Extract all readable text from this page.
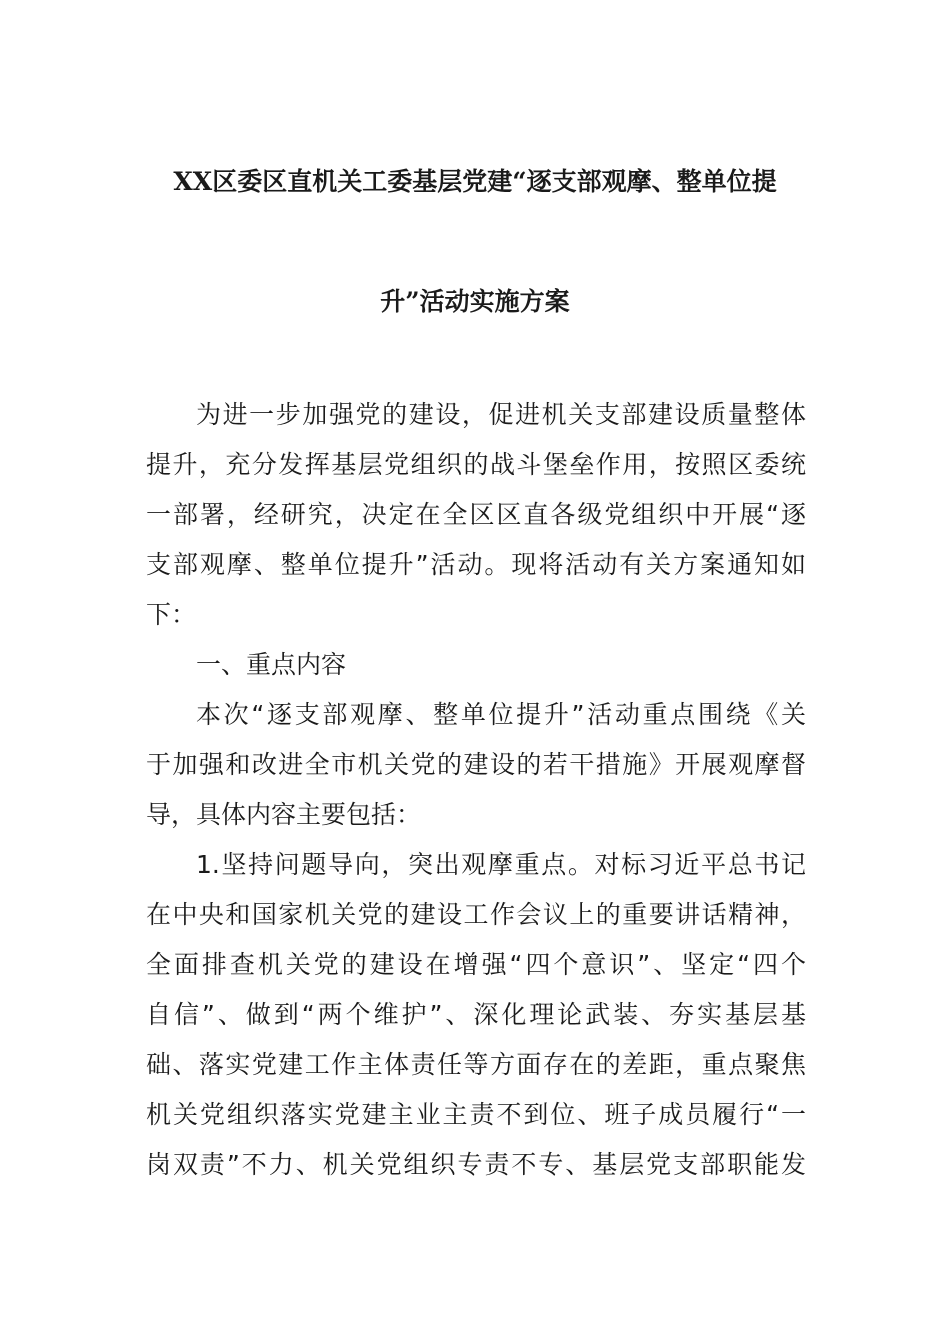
XX区委区直机关工委基层党建“逐支部观摩、整单位提
升”活动实施方案
为进一步加强党的建设，促进机关支部建设质量整体
提升，充分发挥基层党组织的战斗堡垒作用，按照区委统
一部署，经研究，决定在全区区直各级党组织中开展“逐
支部观摩、整单位提升”活动。现将活动有关方案通知如
下：
一、重点内容
本次“逐支部观摩、整单位提升”活动重点围绕《关
于加强和改进全市机关党的建设的若干措施》开展观摩督
导，具体内容主要包括：
1.坚持问题导向，突出观摩重点。对标习近平总书记
在中央和国家机关党的建设工作会议上的重要讲话精神，
全面排查机关党的建设在增强“四个意识”、坚定“四个
自信”、做到“两个维护”、深化理论武装、夯实基层基
础、落实党建工作主体责任等方面存在的差距，重点聚焦
机关党组织落实党建主业主责不到位、班子成员履行“一
岗双责”不力、机关党组织专责不专、基层党支部职能发
